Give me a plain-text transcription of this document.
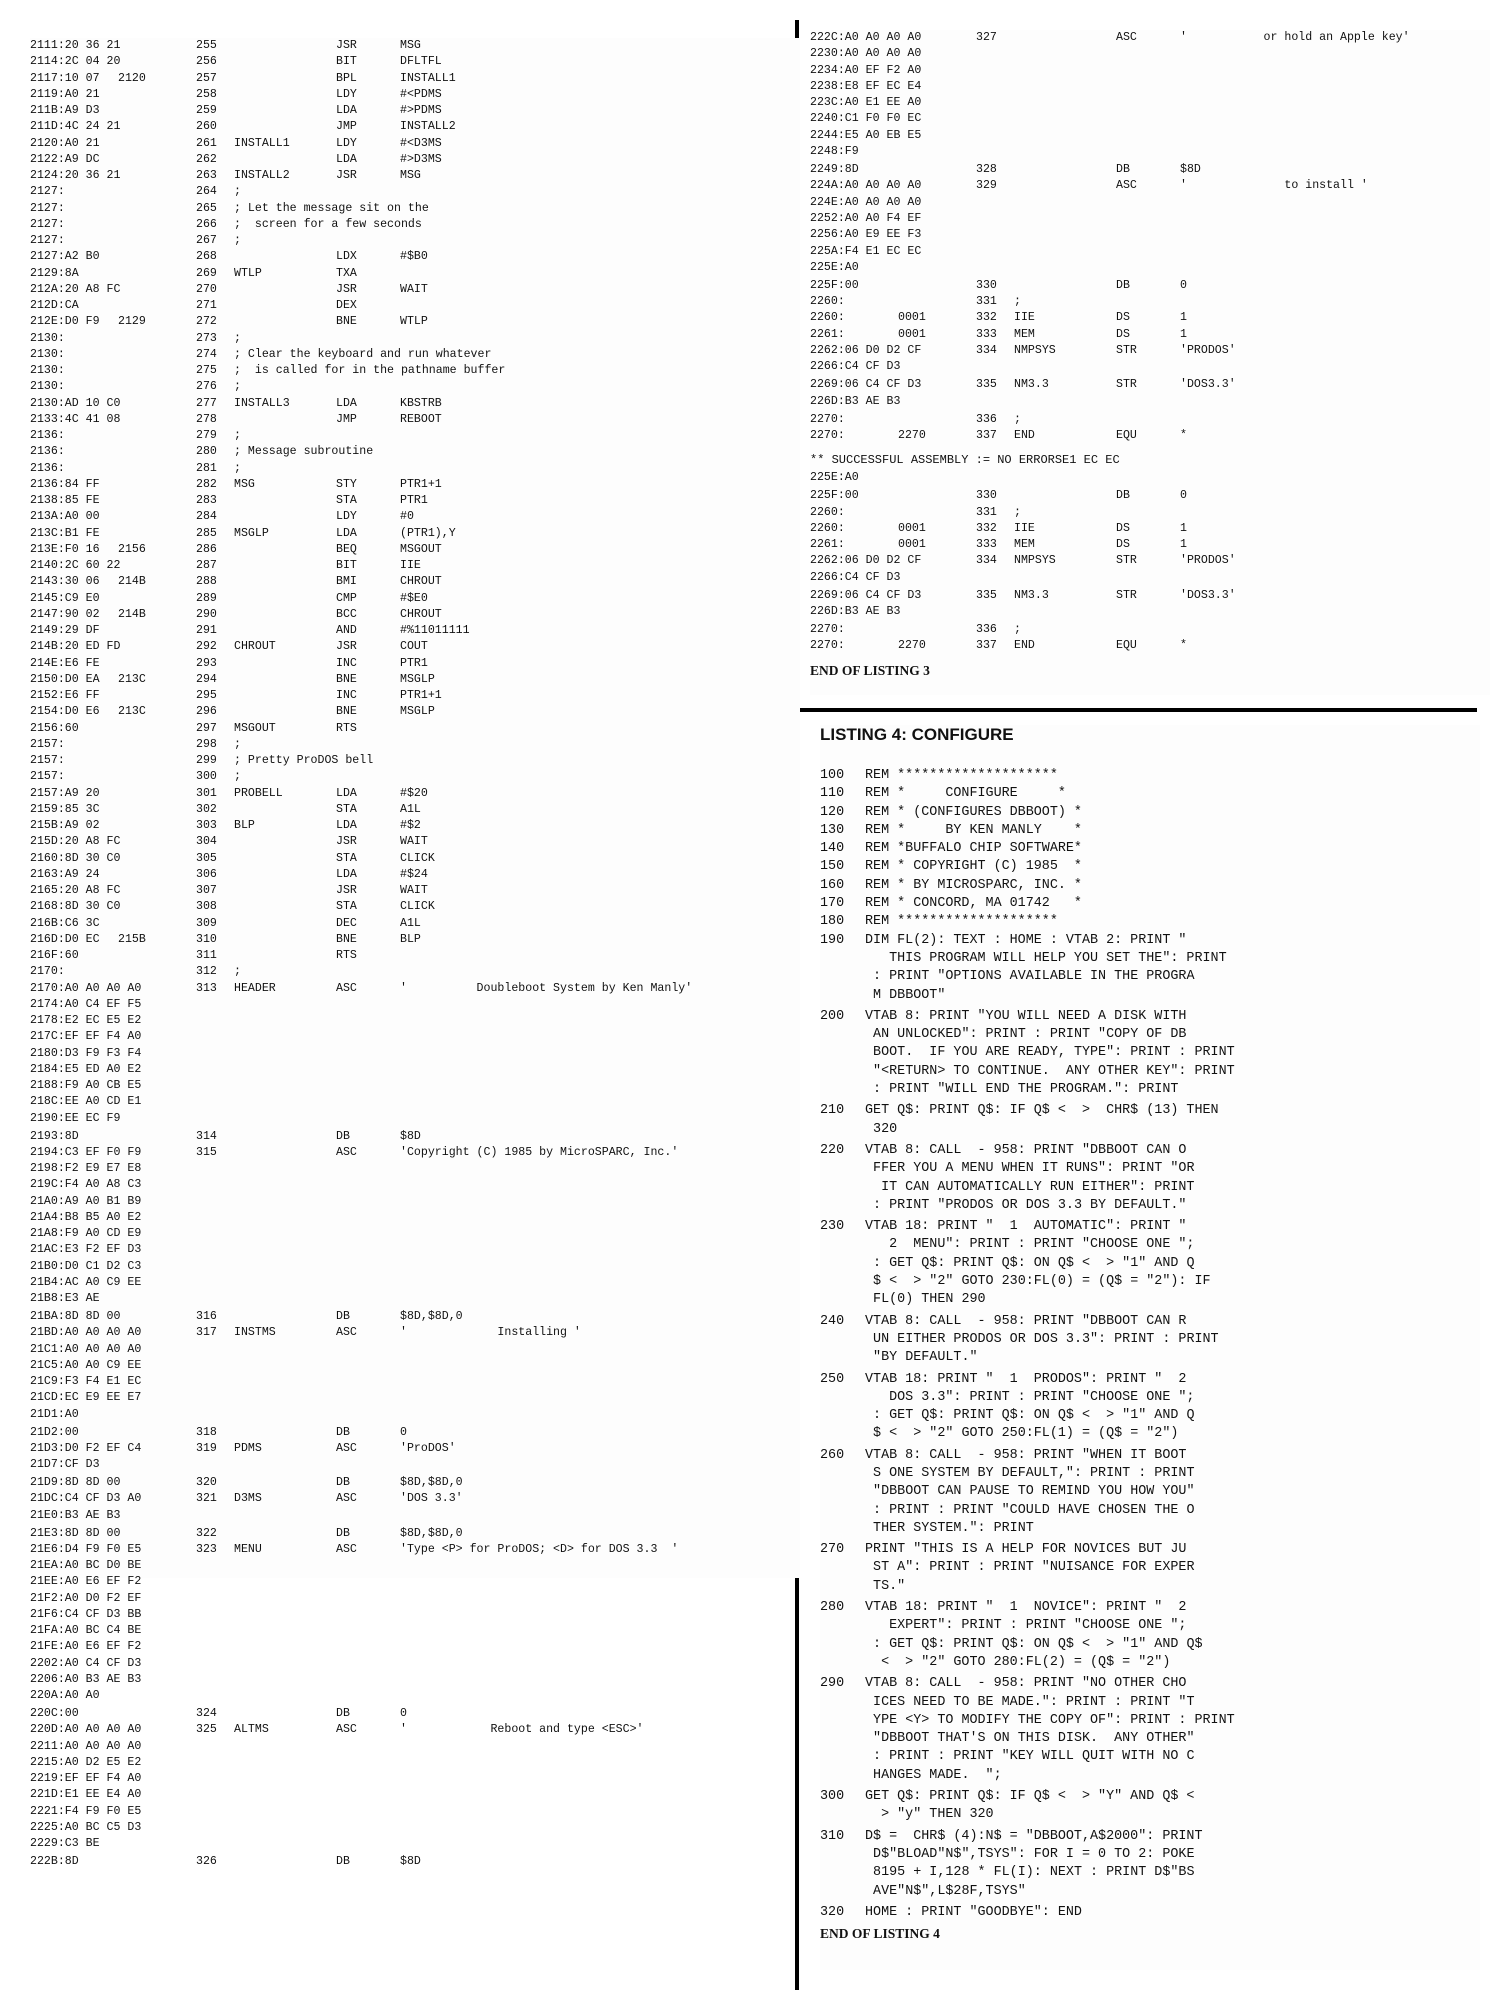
2111:20 36 21	255	JSR	MSG
2114:2C 04 20	256	BIT	DFLTFL
2117:10 07 2120	257	BPL	INSTALL1
2119:A0 21	258	LDY	#<PDMS
211B:A9 D3	259	LDA	#>PDMS
211D:4C 24 21	260	JMP	INSTALL2
2120:A0 21	261 INSTALL1	LDY	#<D3MS
2122:A9 DC	262	LDA	#>D3MS
2124:20 36 21	263 INSTALL2	JSR	MSG
2127:	264 ;
2127:	265 ; Let the message sit on the
2127:	266 ;  screen for a few seconds
2127:	267 ;
2127:A2 B0	268	LDX	#$B0
2129:8A	269 WTLP	TXA
212A:20 A8 FC	270	JSR	WAIT
212D:CA	271	DEX
212E:D0 F9 2129	272	BNE	WTLP
2130:	273 ;
2130:	274 ; Clear the keyboard and run whatever
2130:	275 ;  is called for in the pathname buffer
2130:	276 ;
2130:AD 10 C0	277 INSTALL3	LDA	KBSTRB
2133:4C 41 08	278	JMP	REBOOT
2136:	279 ;
2136:	280 ; Message subroutine
2136:	281 ;
2136:84 FF	282 MSG	STY	PTR1+1
2138:85 FE	283	STA	PTR1
213A:A0 00	284	LDY	#0
213C:B1 FE	285 MSGLP	LDA	(PTR1),Y
213E:F0 16 2156	286	BEQ	MSGOUT
2140:2C 60 22	287	BIT	IIE
2143:30 06 214B	288	BMI	CHROUT
2145:C9 E0	289	CMP	#$E0
2147:90 02 214B	290	BCC	CHROUT
2149:29 DF	291	AND	#%11011111
214B:20 ED FD	292 CHROUT	JSR	COUT
214E:E6 FE	293	INC	PTR1
2150:D0 EA 213C	294	BNE	MSGLP
2152:E6 FF	295	INC	PTR1+1
2154:D0 E6 213C	296	BNE	MSGLP
2156:60	297 MSGOUT	RTS
2157:	298 ;
2157:	299 ; Pretty ProDOS bell
2157:	300 ;
2157:A9 20	301 PROBELL	LDA	#$20
2159:85 3C	302	STA	A1L
215B:A9 02	303 BLP	LDA	#$2
215D:20 A8 FC	304	JSR	WAIT
2160:8D 30 C0	305	STA	CLICK
2163:A9 24	306	LDA	#$24
2165:20 A8 FC	307	JSR	WAIT
2168:8D 30 C0	308	STA	CLICK
216B:C6 3C	309	DEC	A1L
216D:D0 EC 215B	310	BNE	BLP
216F:60	311	RTS
2170:	312 ;
2170:A0 A0 A0 A0	313 HEADER	ASC	'          Doubleboot System by Ken Manly'
2174:A0 C4 EF F5
2178:E2 EC E5 E2
217C:EF EF F4 A0
2180:D3 F9 F3 F4
2184:E5 ED A0 E2
2188:F9 A0 CB E5
218C:EE A0 CD E1
2190:EE EC F9
2193:8D	314	DB	$8D
2194:C3 EF F0 F9	315	ASC	'Copyright (C) 1985 by MicroSPARC, Inc.'
2198:F2 E9 E7 E8
219C:F4 A0 A8 C3
21A0:A9 A0 B1 B9
21A4:B8 B5 A0 E2
21A8:F9 A0 CD E9
21AC:E3 F2 EF D3
21B0:D0 C1 D2 C3
21B4:AC A0 C9 EE
21B8:E3 AE
21BA:8D 8D 00	316	DB	$8D,$8D,0
21BD:A0 A0 A0 A0	317 INSTMS	ASC	'             Installing '
21C1:A0 A0 A0 A0
21C5:A0 A0 C9 EE
21C9:F3 F4 E1 EC
21CD:EC E9 EE E7
21D1:A0
21D2:00	318	DB	0
21D3:D0 F2 EF C4	319 PDMS	ASC	'ProDOS'
21D7:CF D3
21D9:8D 8D 00	320	DB	$8D,$8D,0
21DC:C4 CF D3 A0	321 D3MS	ASC	'DOS 3.3'
21E0:B3 AE B3
21E3:8D 8D 00	322	DB	$8D,$8D,0
21E6:D4 F9 F0 E5	323 MENU	ASC	'Type <P> for ProDOS; <D> for DOS 3.3  '
21EA:A0 BC D0 BE
21EE:A0 E6 EF F2
21F2:A0 D0 F2 EF
21F6:C4 CF D3 BB
21FA:A0 BC C4 BE
21FE:A0 E6 EF F2
2202:A0 C4 CF D3
2206:A0 B3 AE B3
220A:A0 A0
220C:00	324	DB	0
220D:A0 A0 A0 A0	325 ALTMS	ASC	'            Reboot and type <ESC>'
2211:A0 A0 A0 A0
2215:A0 D2 E5 E2
2219:EF EF F4 A0
221D:E1 EE E4 A0
2221:F4 F9 F0 E5
2225:A0 BC C5 D3
2229:C3 BE
222B:8D	326	DB	$8D
222C:A0 A0 A0 A0	327	ASC	'           or hold an Apple key'
2230:A0 A0 A0 A0
2234:A0 EF F2 A0
2238:E8 EF EC E4
223C:A0 E1 EE A0
2240:C1 F0 F0 EC
2244:E5 A0 EB E5
2248:F9
2249:8D	328	DB	$8D
224A:A0 A0 A0 A0	329	ASC	'              to install '
224E:A0 A0 A0 A0
2252:A0 A0 F4 EF
2256:A0 E9 EE F3
225A:F4 E1 EC EC
225E:A0
225F:00	330	DB	0
2260:	331 ;
2260:	0001	332 IIE	DS	1
2261:	0001	333 MEM	DS	1
2262:06 D0 D2 CF	334 NMPSYS	STR	'PRODOS'
2266:C4 CF D3
2269:06 C4 CF D3	335 NM3.3	STR	'DOS3.3'
226D:B3 AE B3
2270:	336 ;
2270:	2270	337 END	EQU	*
** SUCCESSFUL ASSEMBLY := NO ERRORSE1 EC EC
225E:A0
225F:00	330	DB	0
2260:	331 ;
2260:	0001	332 IIE	DS	1
2261:	0001	333 MEM	DS	1
2262:06 D0 D2 CF	334 NMPSYS	STR	'PRODOS'
2266:C4 CF D3
2269:06 C4 CF D3	335 NM3.3	STR	'DOS3.3'
226D:B3 AE B3
2270:	336 ;
2270:	2270	337 END	EQU	*
END OF LISTING 3
LISTING 4: CONFIGURE
100	REM ********************
110	REM *     CONFIGURE     *
120	REM * (CONFIGURES DBBOOT) *
130	REM *     BY KEN MANLY    *
140	REM *BUFFALO CHIP SOFTWARE*
150	REM * COPYRIGHT (C) 1985  *
160	REM * BY MICROSPARC, INC. *
170	REM * CONCORD, MA 01742   *
180	REM ********************
190	DIM FL(2): TEXT : HOME : VTAB 2: PRINT "
THIS PROGRAM WILL HELP YOU SET THE": PRINT
: PRINT "OPTIONS AVAILABLE IN THE PROGRA
M DBBOOT"
200	VTAB 8: PRINT "YOU WILL NEED A DISK WITH
AN UNLOCKED": PRINT : PRINT "COPY OF DB
BOOT.  IF YOU ARE READY, TYPE": PRINT : PRINT
"<RETURN> TO CONTINUE.  ANY OTHER KEY": PRINT
: PRINT "WILL END THE PROGRAM.": PRINT
210	GET Q$: PRINT Q$: IF Q$ <  >  CHR$ (13) THEN
320
220	VTAB 8: CALL  - 958: PRINT "DBBOOT CAN O
FFER YOU A MENU WHEN IT RUNS": PRINT "OR
IT CAN AUTOMATICALLY RUN EITHER": PRINT
: PRINT "PRODOS OR DOS 3.3 BY DEFAULT."
230	VTAB 18: PRINT "  1  AUTOMATIC": PRINT "
2  MENU": PRINT : PRINT "CHOOSE ONE ";
: GET Q$: PRINT Q$: ON Q$ <  > "1" AND Q
$ <  > "2" GOTO 230:FL(0) = (Q$ = "2"): IF
FL(0) THEN 290
240	VTAB 8: CALL  - 958: PRINT "DBBOOT CAN R
UN EITHER PRODOS OR DOS 3.3": PRINT : PRINT
"BY DEFAULT."
250	VTAB 18: PRINT "  1  PRODOS": PRINT "  2
DOS 3.3": PRINT : PRINT "CHOOSE ONE ";
: GET Q$: PRINT Q$: ON Q$ <  > "1" AND Q
$ <  > "2" GOTO 250:FL(1) = (Q$ = "2")
260	VTAB 8: CALL  - 958: PRINT "WHEN IT BOOT
S ONE SYSTEM BY DEFAULT,": PRINT : PRINT
"DBBOOT CAN PAUSE TO REMIND YOU HOW YOU"
: PRINT : PRINT "COULD HAVE CHOSEN THE O
THER SYSTEM.": PRINT
270	PRINT "THIS IS A HELP FOR NOVICES BUT JU
ST A": PRINT : PRINT "NUISANCE FOR EXPER
TS."
280	VTAB 18: PRINT "  1  NOVICE": PRINT "  2
EXPERT": PRINT : PRINT "CHOOSE ONE ";
: GET Q$: PRINT Q$: ON Q$ <  > "1" AND Q$
<  > "2" GOTO 280:FL(2) = (Q$ = "2")
290	VTAB 8: CALL  - 958: PRINT "NO OTHER CHO
ICES NEED TO BE MADE.": PRINT : PRINT "T
YPE <Y> TO MODIFY THE COPY OF": PRINT : PRINT
"DBBOOT THAT'S ON THIS DISK.  ANY OTHER"
: PRINT : PRINT "KEY WILL QUIT WITH NO C
HANGES MADE.  ";
300	GET Q$: PRINT Q$: IF Q$ <  > "Y" AND Q$ <
> "y" THEN 320
310	D$ =  CHR$ (4):N$ = "DBBOOT,A$2000": PRINT
D$"BLOAD"N$",TSYS": FOR I = 0 TO 2: POKE
8195 + I,128 * FL(I): NEXT : PRINT D$"BS
AVE"N$",L$28F,TSYS"
320	HOME : PRINT "GOODBYE": END
END OF LISTING 4
